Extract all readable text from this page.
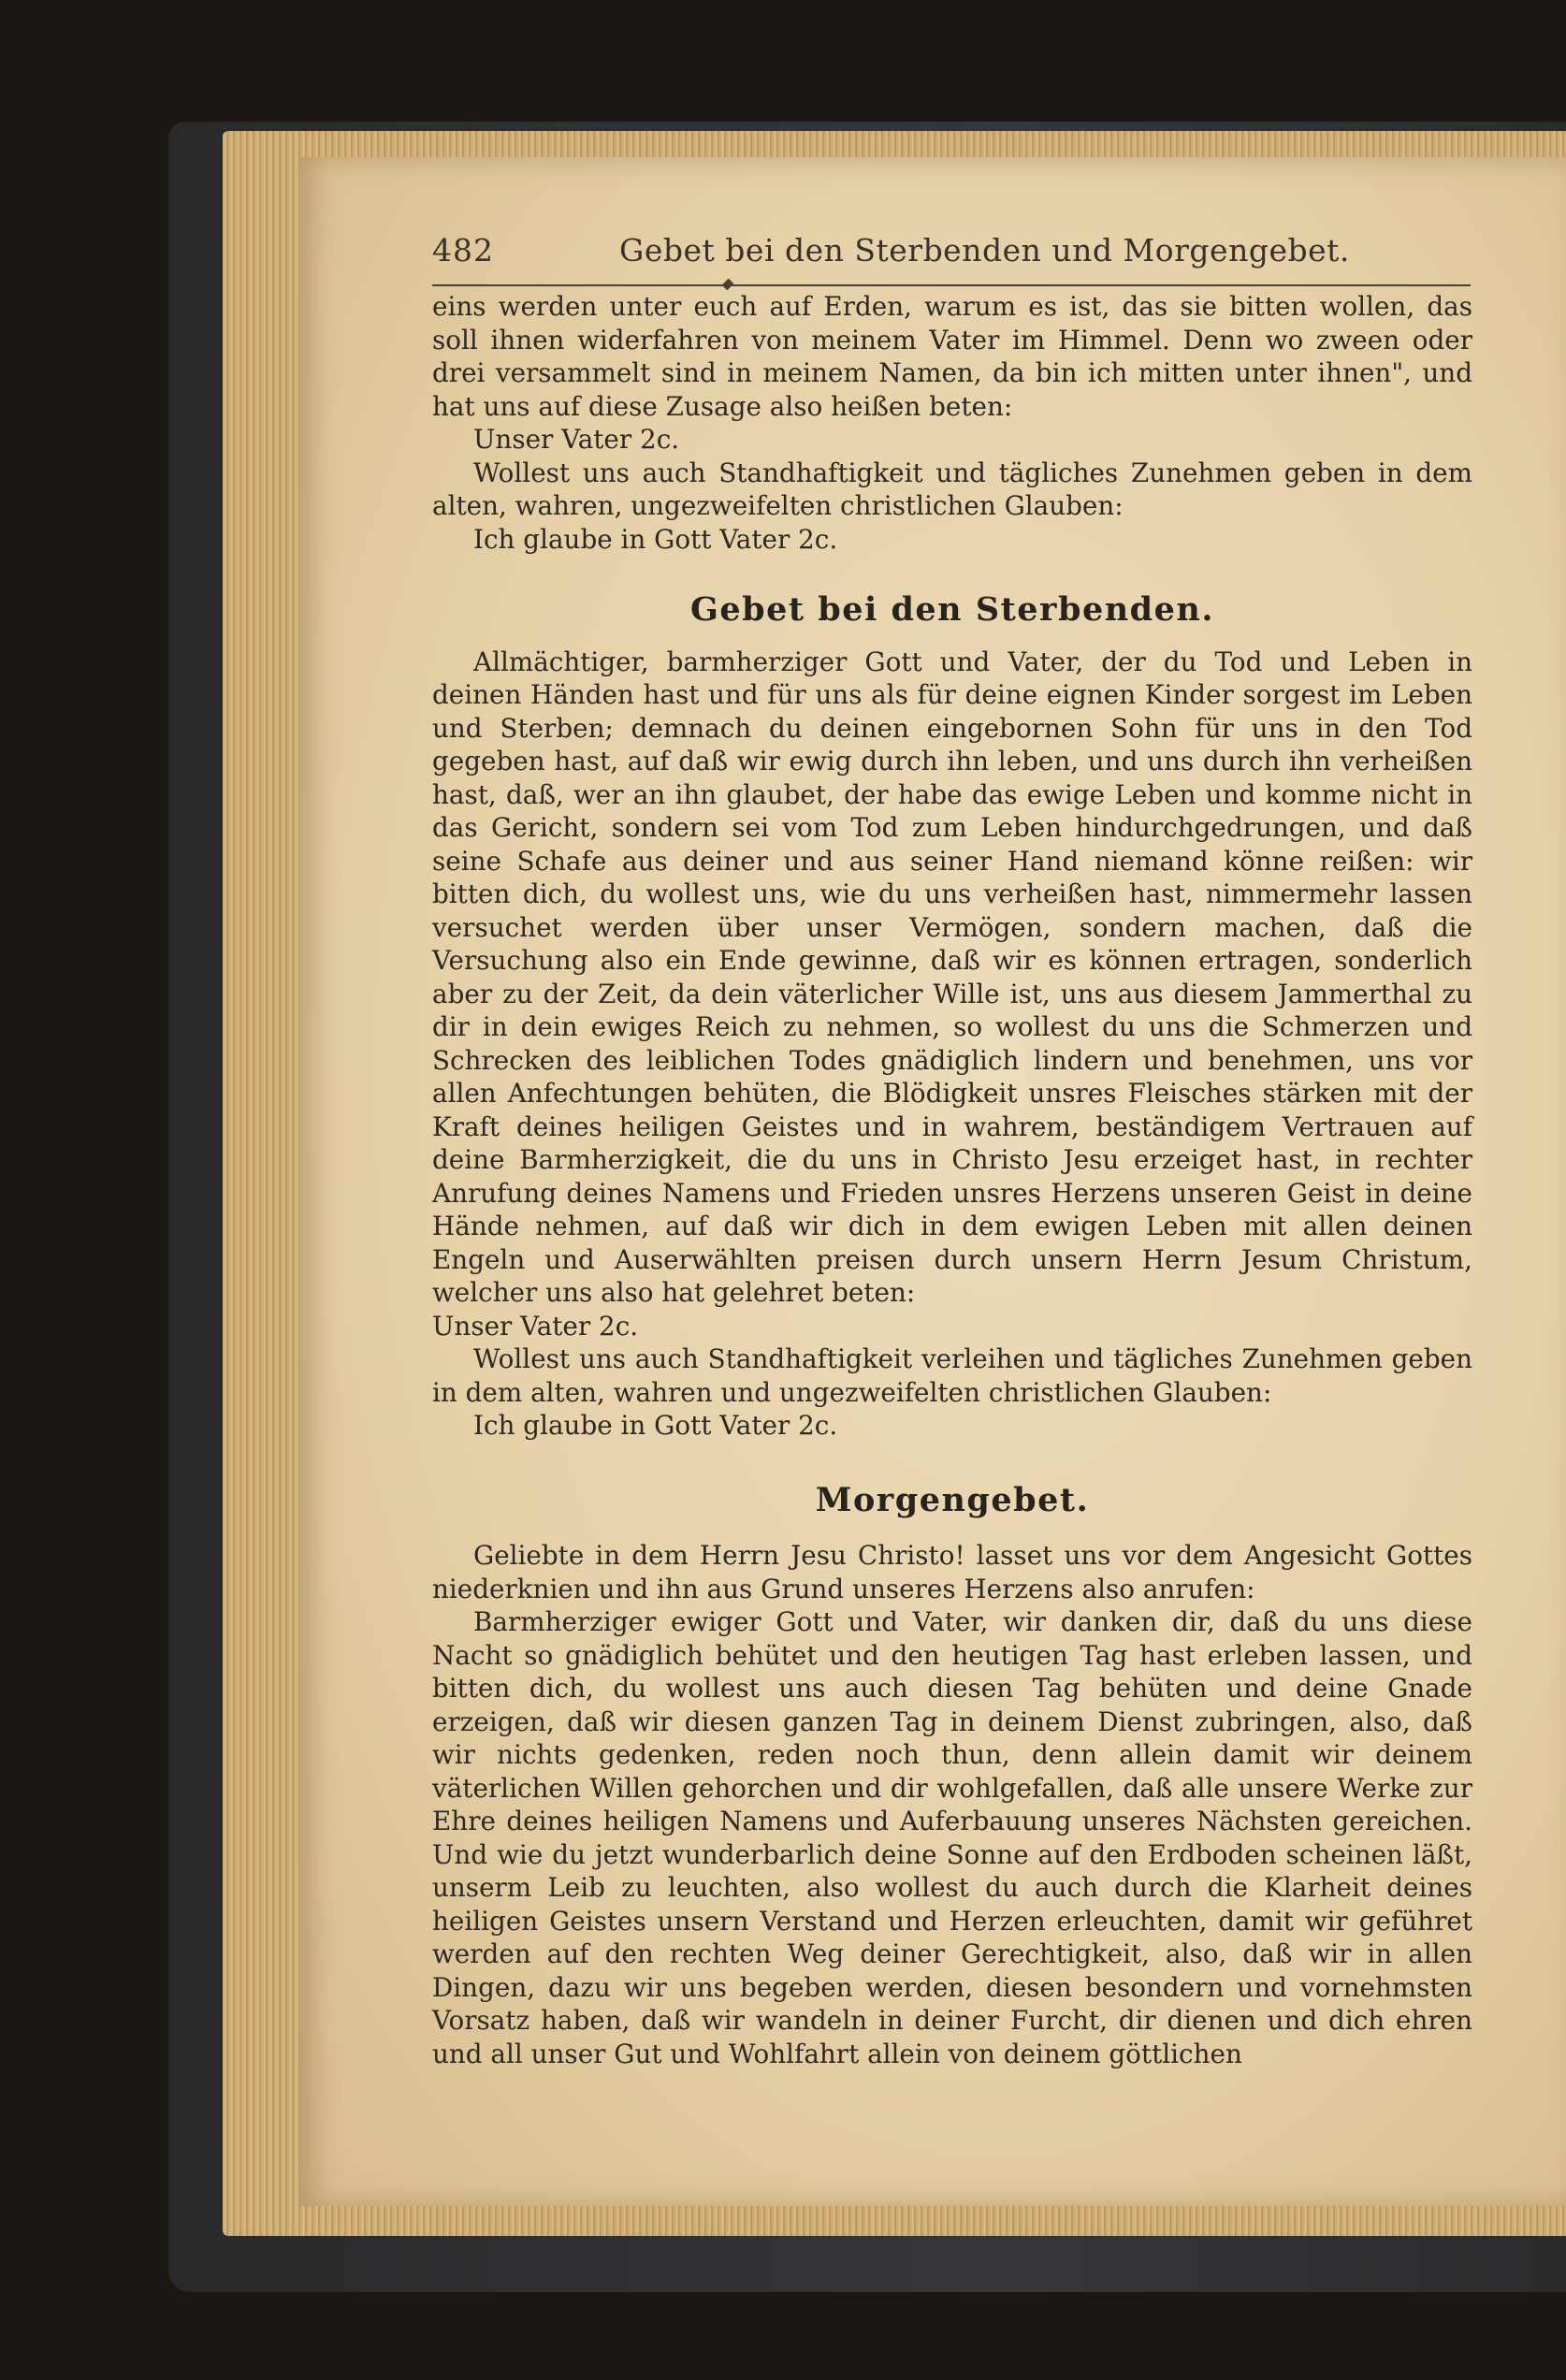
482	Gebet bei den Sterbenden und Morgengebet.

eins werden unter euch auf Erden, warum es ist, das sie bitten wollen, das soll ihnen widerfahren von meinem Vater im Himmel. Denn wo zween oder drei versammelt sind in meinem Namen, da bin ich mitten unter ihnen", und hat uns auf diese Zusage also heißen beten:

Unser Vater 2c.

Wollest uns auch Standhaftigkeit und tägliches Zunehmen geben in dem alten, wahren, ungezweifelten christlichen Glauben:

Ich glaube in Gott Vater 2c.

Gebet bei den Sterbenden.

Allmächtiger, barmherziger Gott und Vater, der du Tod und Leben in deinen Händen hast und für uns als für deine eignen Kinder sorgest im Leben und Sterben; demnach du deinen eingebornen Sohn für uns in den Tod gegeben hast, auf daß wir ewig durch ihn leben, und uns durch ihn verheißen hast, daß, wer an ihn glaubet, der habe das ewige Leben und komme nicht in das Gericht, sondern sei vom Tod zum Leben hindurchgedrungen, und daß seine Schafe aus deiner und aus seiner Hand niemand könne reißen: wir bitten dich, du wollest uns, wie du uns verheißen hast, nimmermehr lassen versuchet werden über unser Vermögen, sondern machen, daß die Versuchung also ein Ende gewinne, daß wir es können ertragen, sonderlich aber zu der Zeit, da dein väterlicher Wille ist, uns aus diesem Jammerthal zu dir in dein ewiges Reich zu nehmen, so wollest du uns die Schmerzen und Schrecken des leiblichen Todes gnädiglich lindern und benehmen, uns vor allen Anfechtungen behüten, die Blödigkeit unsres Fleisches stärken mit der Kraft deines heiligen Geistes und in wahrem, beständigem Vertrauen auf deine Barmherzigkeit, die du uns in Christo Jesu erzeiget hast, in rechter Anrufung deines Namens und Frieden unsres Herzens unseren Geist in deine Hände nehmen, auf daß wir dich in dem ewigen Leben mit allen deinen Engeln und Auserwählten preisen durch unsern Herrn Jesum Christum, welcher uns also hat gelehret beten:

Unser Vater 2c.

Wollest uns auch Standhaftigkeit verleihen und tägliches Zunehmen geben in dem alten, wahren und ungezweifelten christlichen Glauben:

Ich glaube in Gott Vater 2c.

Morgengebet.

Geliebte in dem Herrn Jesu Christo! lasset uns vor dem Angesicht Gottes niederknien und ihn aus Grund unseres Herzens also anrufen:

Barmherziger ewiger Gott und Vater, wir danken dir, daß du uns diese Nacht so gnädiglich behütet und den heutigen Tag hast erleben lassen, und bitten dich, du wollest uns auch diesen Tag behüten und deine Gnade erzeigen, daß wir diesen ganzen Tag in deinem Dienst zubringen, also, daß wir nichts gedenken, reden noch thun, denn allein damit wir deinem väterlichen Willen gehorchen und dir wohlgefallen, daß alle unsere Werke zur Ehre deines heiligen Namens und Auferbauung unseres Nächsten gereichen. Und wie du jetzt wunderbarlich deine Sonne auf den Erdboden scheinen läßt, unserm Leib zu leuchten, also wollest du auch durch die Klarheit deines heiligen Geistes unsern Verstand und Herzen erleuchten, damit wir geführet werden auf den rechten Weg deiner Gerechtigkeit, also, daß wir in allen Dingen, dazu wir uns begeben werden, diesen besondern und vornehmsten Vorsatz haben, daß wir wandeln in deiner Furcht, dir dienen und dich ehren und all unser Gut und Wohlfahrt allein von deinem göttlichen
